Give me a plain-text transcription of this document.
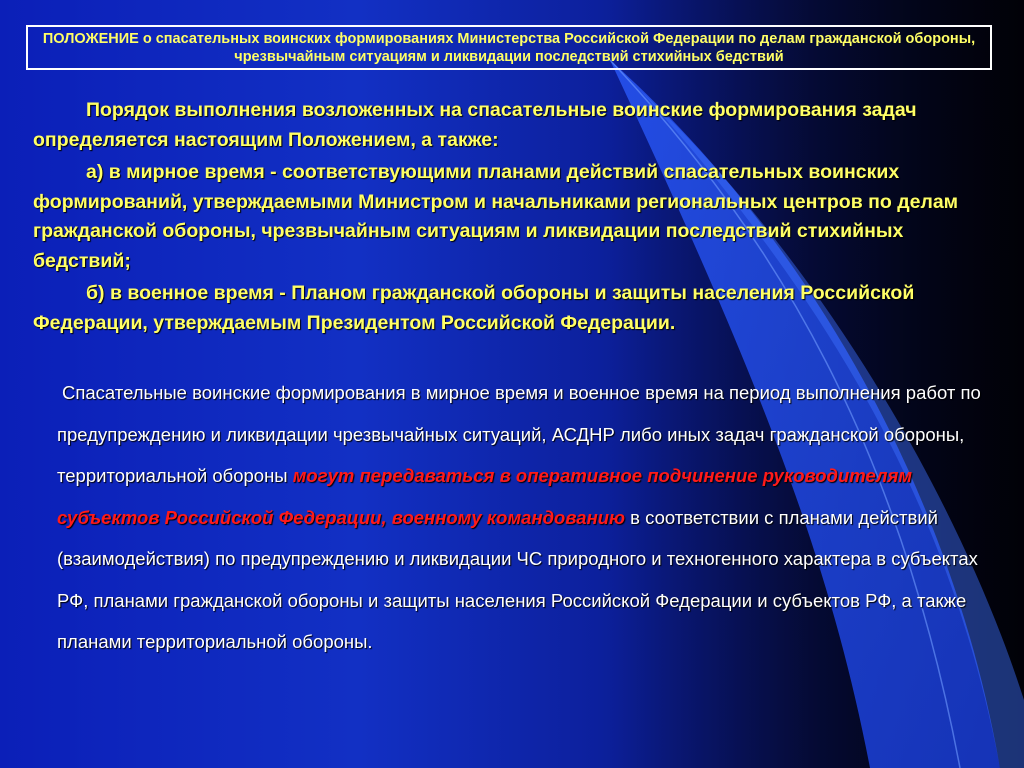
ПОЛОЖЕНИЕ о спасательных воинских формированиях Министерства Российской Федерации по делам гражданской обороны, чрезвычайным ситуациям и ликвидации последствий стихийных бедствий

Порядок выполнения возложенных на спасательные воинские формирования задач определяется настоящим Положением, а также:

а) в мирное время - соответствующими планами действий спасательных воинских формирований, утверждаемыми Министром и начальниками региональных центров по делам гражданской обороны, чрезвычайным ситуациям и ликвидации последствий стихийных бедствий;

б) в военное время - Планом гражданской обороны и защиты населения Российской Федерации, утверждаемым Президентом Российской Федерации.

Спасательные воинские формирования в мирное время и военное время на период выполнения работ по предупреждению и ликвидации чрезвычайных ситуаций, АСДНР либо иных задач гражданской обороны, территориальной обороны могут передаваться в оперативное подчинение руководителям субъектов Российской Федерации, военному командованию в соответствии с планами действий (взаимодействия) по предупреждению и ликвидации ЧС природного и техногенного характера в субъектах РФ, планами гражданской обороны и защиты населения Российской Федерации и субъектов РФ, а также планами территориальной обороны.
